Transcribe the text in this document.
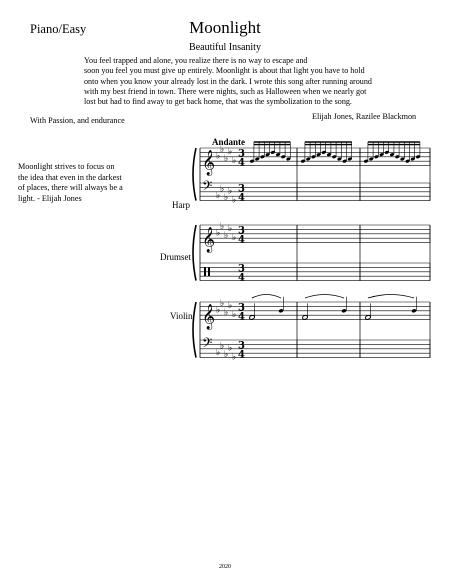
Piano/Easy	Moonlight
Beautiful Insanity
You feel trapped and alone, you realize there is no way to escape and
soon you feel you must give up entirely. Moonlight is about that light you have to hold
onto when you know your already lost in the dark. I wrote this song after running around
with my best friend in town. There were nights, such as Halloween when we nearly got
lost but had to find away to get back home, that was the symbolization to the song.
With Passion, and endurance	Elijah Jones, Razilee Blackmon
Moonlight strives to focus on
the idea that even in the darkest
of places, there will always be a
light. - Elijah Jones
Andante
Harp
Drumset
Violin
𝄞 ♭
♭
♭
♭
♭
3
4
𝄢 ♭
♭
♭
♭
♭
3
4
𝄞 ♭
♭
♭
♭
♭
3
4
3
4
𝄞 ♭
♭
♭
♭
♭
3
4
𝄢 ♭
♭
♭
♭
♭
3
4
2020
